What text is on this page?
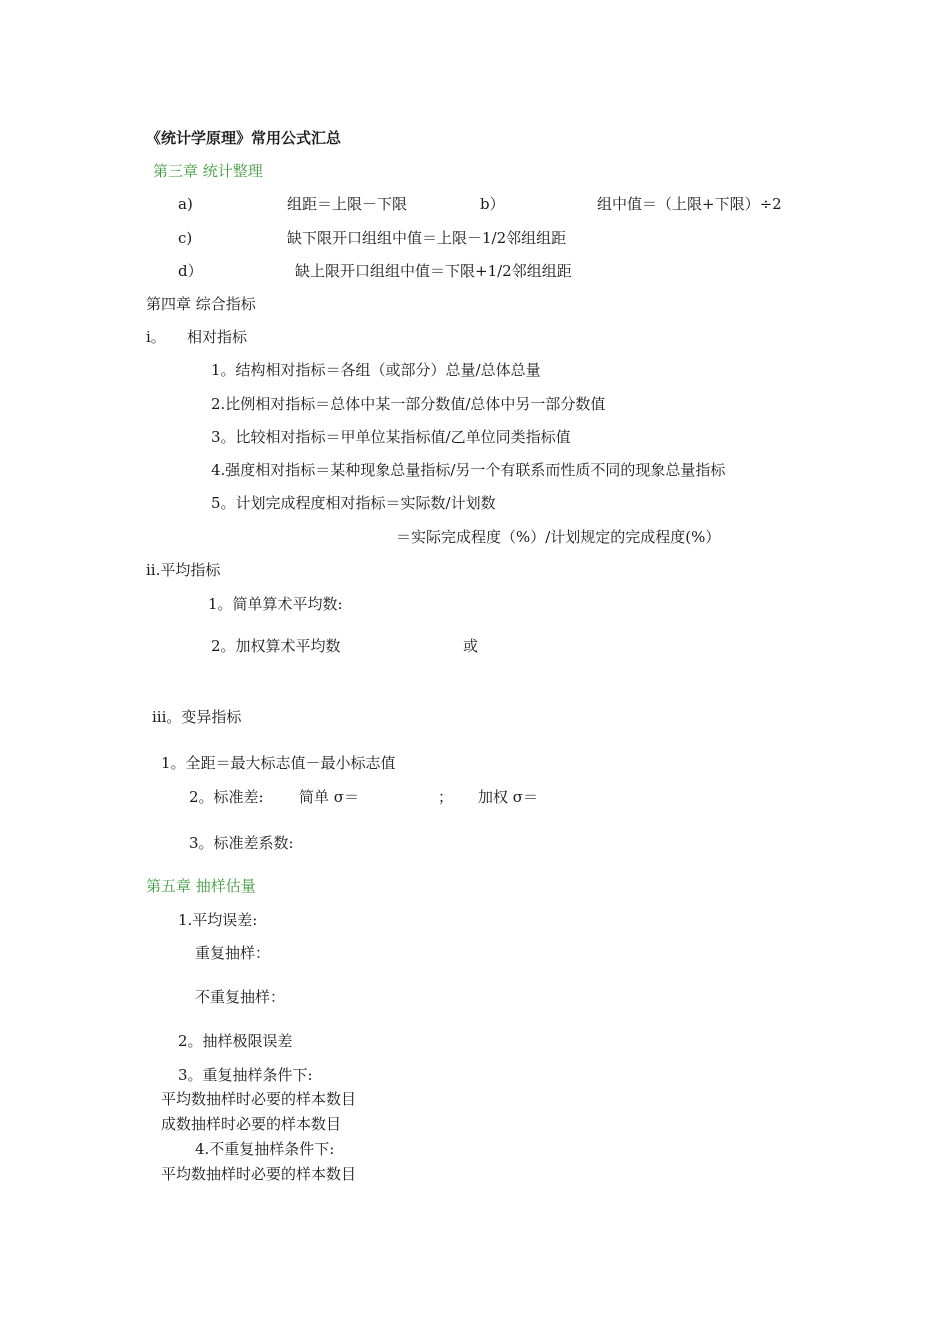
《统计学原理》常用公式汇总
第三章 统计整理
a)	组距＝上限－下限	b）	组中值＝（上限+下限）÷2
c)	缺下限开口组组中值＝上限－1/2邻组组距
d）	缺上限开口组组中值＝下限+1/2邻组组距
第四章 综合指标
i。 相对指标
1。结构相对指标＝各组（或部分）总量/总体总量
2.比例相对指标＝总体中某一部分数值/总体中另一部分数值
3。比较相对指标＝甲单位某指标值/乙单位同类指标值
4.强度相对指标＝某种现象总量指标/另一个有联系而性质不同的现象总量指标
5。计划完成程度相对指标＝实际数/计划数
＝实际完成程度（%）/计划规定的完成程度(%）
ii.平均指标
1。简单算术平均数:
2。加权算术平均数	或
iii。变异指标
1。全距＝最大标志值－最小标志值
2。标准差: 简单 σ＝	； 加权 σ＝
3。标准差系数:
第五章 抽样估量
1.平均误差:
重复抽样：
不重复抽样：
2。抽样极限误差
3。重复抽样条件下:
平均数抽样时必要的样本数目
成数抽样时必要的样本数目
4.不重复抽样条件下:
平均数抽样时必要的样本数目
